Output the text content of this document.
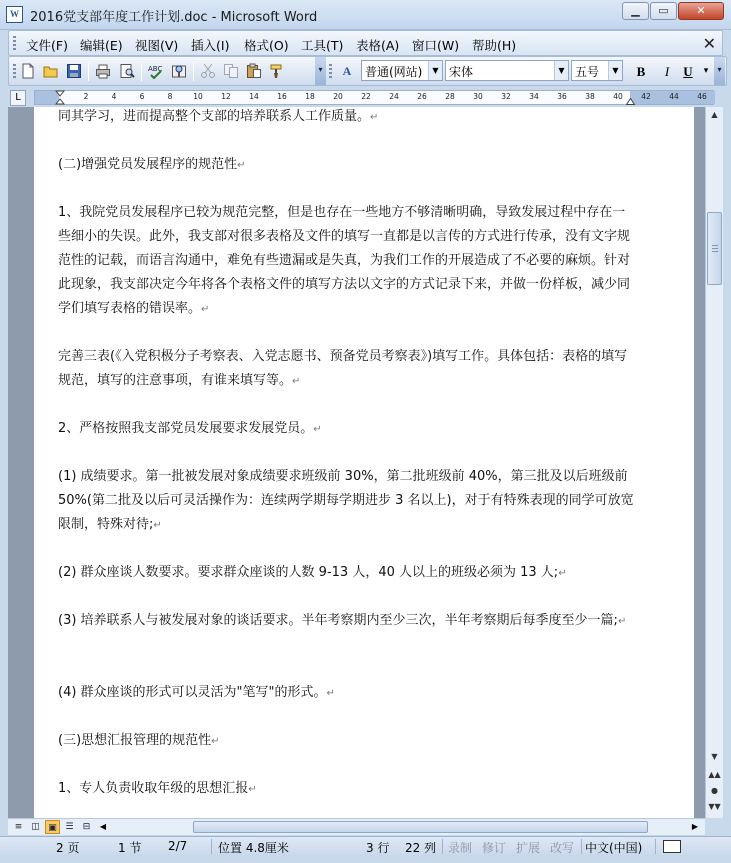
W 2016党支部年度工作计划.doc - Microsoft Word	▁	▭	✕
文件(F) 编辑(E) 视图(V) 插入(I) 格式(O) 工具(T) 表格(A) 窗口(W) 帮助(H)	✕
ABC	▾	A	普通(网站)	▼ 宋体	▼ 五号	▼ B	I	U	▾	▾
L	2	4	6	8	10 12 14 16 18 20 22 24 26 28 30 32 34 36 38 40 42 44 46
同其学习，进而提高整个支部的培养联系人工作质量。↵
(二)增强党员发展程序的规范性↵
1、我院党员发展程序已较为规范完整，但是也存在一些地方不够清晰明确，导致发展过程中存在一些细小的失误。此外，我支部对很多表格及文件的填写一直都是以言传的方式进行传承，没有文字规范性的记载，而语言沟通中，难免有些遗漏或是失真，为我们工作的开展造成了不必要的麻烦。针对此现象，我支部决定今年将各个表格文件的填写方法以文字的方式记录下来，并做一份样板，减少同学们填写表格的错误率。↵
完善三表(《入党积极分子考察表、入党志愿书、预备党员考察表》)填写工作。具体包括：表格的填写规范，填写的注意事项，有谁来填写等。↵
2、严格按照我支部党员发展要求发展党员。↵
(1) 成绩要求。第一批被发展对象成绩要求班级前 30%，第二批班级前 40%，第三批及以后班级前 50%(第二批及以后可灵活操作为：连续两学期每学期进步 3 名以上)，对于有特殊表现的同学可放宽限制，特殊对待;↵
(2) 群众座谈人数要求。要求群众座谈的人数 9-13 人，40 人以上的班级必须为 13 人;↵
(3) 培养联系人与被发展对象的谈话要求。半年考察期内至少三次，半年考察期后每季度至少一篇;↵
(4) 群众座谈的形式可以灵活为"笔写"的形式。↵
(三)思想汇报管理的规范性↵
1、专人负责收取年级的思想汇报↵
▲
▼
▲▲
●
▼▼
≡ ◫ ▣ ☰	⊟	◀	▶
2 页	1 节 2/7	位置 4.8厘米	3 行 22 列 录制 修订 扩展 改写 中文(中国)
